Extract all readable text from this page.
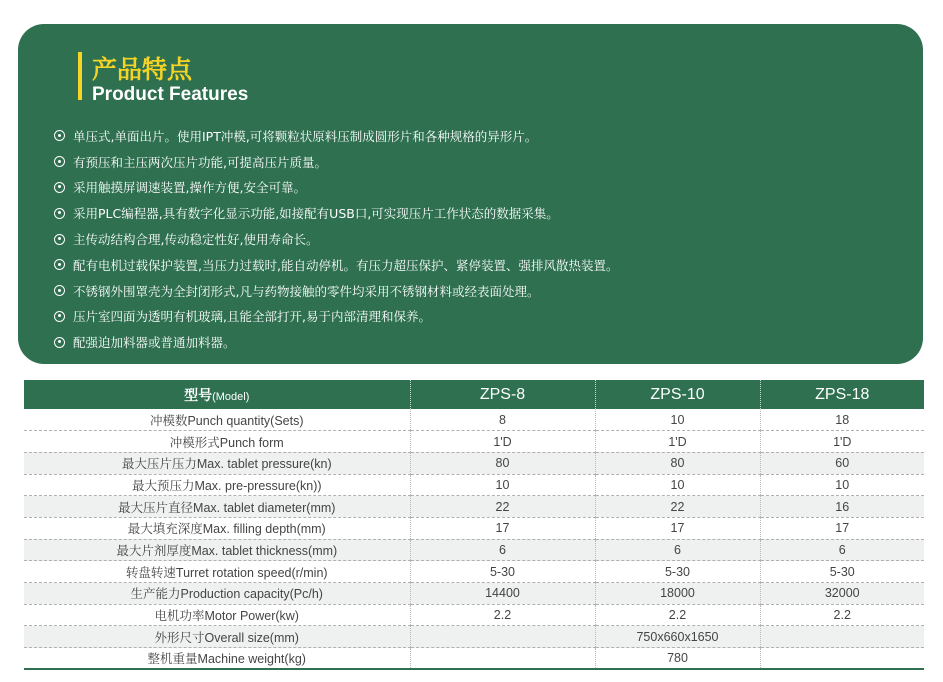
产品特点
Product Features
单压式,单面出片。使用IPT冲模,可将颗粒状原料压制成圆形片和各种规格的异形片。
有预压和主压两次压片功能,可提高压片质量。
采用触摸屏调速装置,操作方便,安全可靠。
采用PLC编程器,具有数字化显示功能,如接配有USB口,可实现压片工作状态的数据采集。
主传动结构合理,传动稳定性好,使用寿命长。
配有电机过载保护装置,当压力过载时,能自动停机。有压力超压保护、紧停装置、强排风散热装置。
不锈钢外围罩壳为全封闭形式,凡与药物接触的零件均采用不锈钢材料或经表面处理。
压片室四面为透明有机玻璃,且能全部打开,易于内部清理和保养。
配强迫加料器或普通加料器。
型号(Model)	ZPS-8	ZPS-10	ZPS-18
冲模数Punch quantity(Sets)	8	10	18
冲模形式Punch form	1'D	1'D	1'D
最大压片压力Max. tablet pressure(kn)	80	80	60
最大预压力Max. pre-pressure(kn))	10	10	10
最大压片直径Max. tablet diameter(mm)	22	22	16
最大填充深度Max. filling depth(mm)	17	17	17
最大片剂厚度Max. tablet thickness(mm)	6	6	6
转盘转速Turret rotation speed(r/min)	5-30	5-30	5-30
生产能力Production capacity(Pc/h)	14400	18000	32000
电机功率Motor Power(kw)	2.2	2.2	2.2
外形尺寸Overall size(mm)		750x660x1650	
整机重量Machine weight(kg)		780	
